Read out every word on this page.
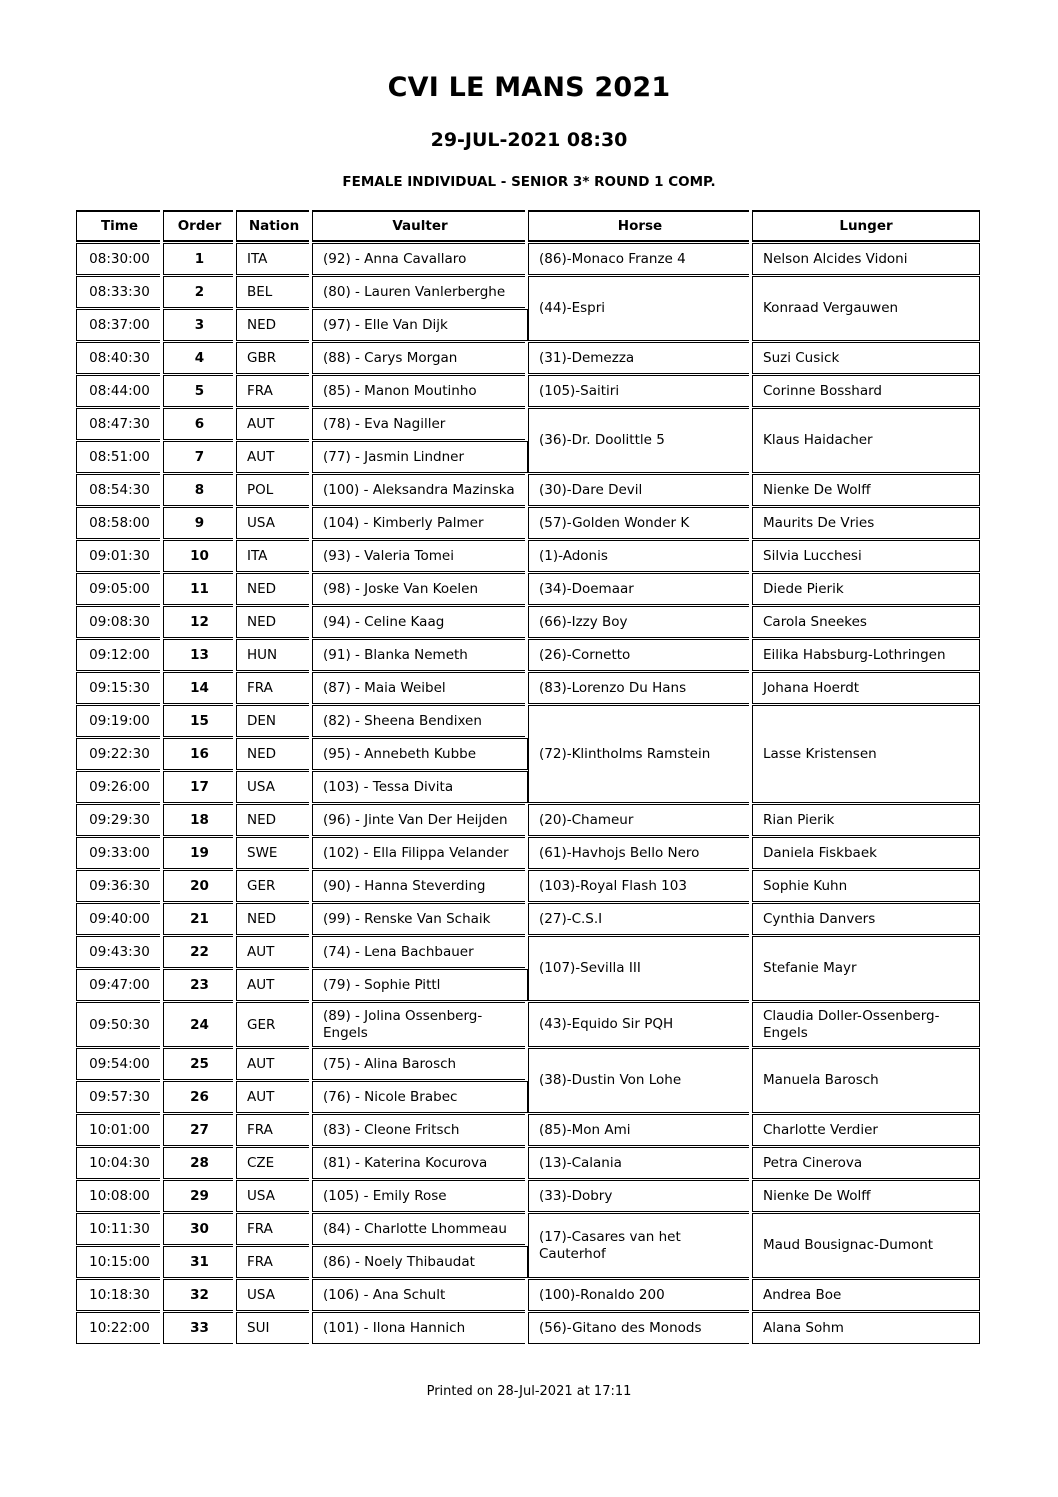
CVI LE MANS 2021
29-JUL-2021 08:30
FEMALE INDIVIDUAL - SENIOR 3* ROUND 1 COMP.
Time	Order	Nation	Vaulter	Horse	Lunger
08:30:00	1	ITA	(92) - Anna Cavallaro	(86)-Monaco Franze 4	Nelson Alcides Vidoni
08:33:30	2	BEL	(80) - Lauren Vanlerberghe	(44)-Espri	Konraad Vergauwen
08:37:00	3	NED	(97) - Elle Van Dijk		
08:40:30	4	GBR	(88) - Carys Morgan	(31)-Demezza	Suzi Cusick
08:44:00	5	FRA	(85) - Manon Moutinho	(105)-Saitiri	Corinne Bosshard
08:47:30	6	AUT	(78) - Eva Nagiller	(36)-Dr. Doolittle 5	Klaus Haidacher
08:51:00	7	AUT	(77) - Jasmin Lindner		
08:54:30	8	POL	(100) - Aleksandra Mazinska	(30)-Dare Devil	Nienke De Wolff
08:58:00	9	USA	(104) - Kimberly Palmer	(57)-Golden Wonder K	Maurits De Vries
09:01:30	10	ITA	(93) - Valeria Tomei	(1)-Adonis	Silvia Lucchesi
09:05:00	11	NED	(98) - Joske Van Koelen	(34)-Doemaar	Diede Pierik
09:08:30	12	NED	(94) - Celine Kaag	(66)-Izzy Boy	Carola Sneekes
09:12:00	13	HUN	(91) - Blanka Nemeth	(26)-Cornetto	Eilika Habsburg-Lothringen
09:15:30	14	FRA	(87) - Maia Weibel	(83)-Lorenzo Du Hans	Johana Hoerdt
09:19:00	15	DEN	(82) - Sheena Bendixen	(72)-Klintholms Ramstein	Lasse Kristensen
09:22:30	16	NED	(95) - Annebeth Kubbe		
09:26:00	17	USA	(103) - Tessa Divita		
09:29:30	18	NED	(96) - Jinte Van Der Heijden	(20)-Chameur	Rian Pierik
09:33:00	19	SWE	(102) - Ella Filippa Velander	(61)-Havhojs Bello Nero	Daniela Fiskbaek
09:36:30	20	GER	(90) - Hanna Steverding	(103)-Royal Flash 103	Sophie Kuhn
09:40:00	21	NED	(99) - Renske Van Schaik	(27)-C.S.I	Cynthia Danvers
09:43:30	22	AUT	(74) - Lena Bachbauer	(107)-Sevilla III	Stefanie Mayr
09:47:00	23	AUT	(79) - Sophie Pittl		
09:50:30	24	GER	(89) - Jolina Ossenberg-Engels	(43)-Equido Sir PQH	Claudia Doller-Ossenberg-Engels
09:54:00	25	AUT	(75) - Alina Barosch	(38)-Dustin Von Lohe	Manuela Barosch
09:57:30	26	AUT	(76) - Nicole Brabec		
10:01:00	27	FRA	(83) - Cleone Fritsch	(85)-Mon Ami	Charlotte Verdier
10:04:30	28	CZE	(81) - Katerina Kocurova	(13)-Calania	Petra Cinerova
10:08:00	29	USA	(105) - Emily Rose	(33)-Dobry	Nienke De Wolff
10:11:30	30	FRA	(84) - Charlotte Lhommeau	(17)-Casares van het Cauterhof	Maud Bousignac-Dumont
10:15:00	31	FRA	(86) - Noely Thibaudat		
10:18:30	32	USA	(106) - Ana Schult	(100)-Ronaldo 200	Andrea Boe
10:22:00	33	SUI	(101) - Ilona Hannich	(56)-Gitano des Monods	Alana Sohm
Printed on 28-Jul-2021 at 17:11
